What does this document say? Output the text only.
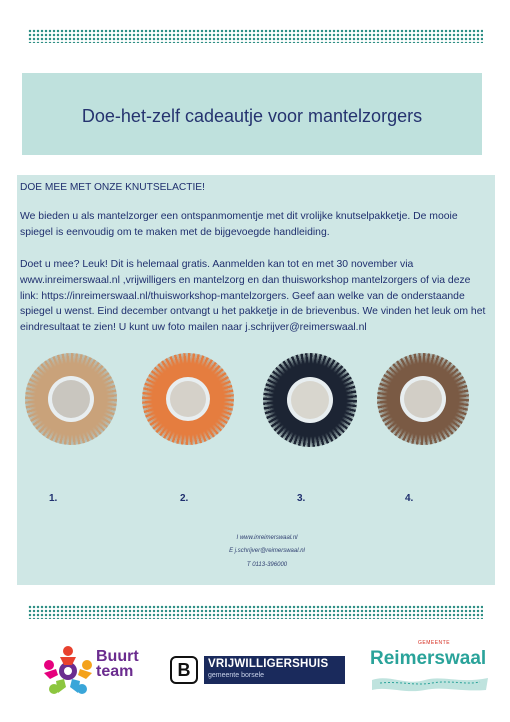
Doe-het-zelf cadeautje voor mantelzorgers
DOE MEE MET ONZE KNUTSELACTIE!
We bieden u als mantelzorger een ontspanmomentje met dit vrolijke knutselpakketje. De mooie spiegel is eenvoudig om te maken met de bijgevoegde handleiding.
Doet u mee? Leuk! Dit is helemaal gratis. Aanmelden kan tot en met 30 november via www.inreimerswaal.nl ,vrijwilligers en mantelzorg en dan thuisworkshop mantelzorgers of via deze link: https://inreimerswaal.nl/thuisworkshop-mantelzorgers. Geef aan welke van de onderstaande spiegel u wenst. Eind december ontvangt u het pakketje in de brievenbus. We vinden het leuk om het eindresultaat te zien! U kunt uw foto mailen naar j.schrijver@reimerswaal.nl
1.	2.	3.	4.
I www.inreimerswaal.nl
E j.schrijver@reimerswaal.nl
T 0113-396000
Buurt
team	B	VRIJWILLIGERSHUIS
gemeente borsele
GEMEENTE
Reimerswaal
